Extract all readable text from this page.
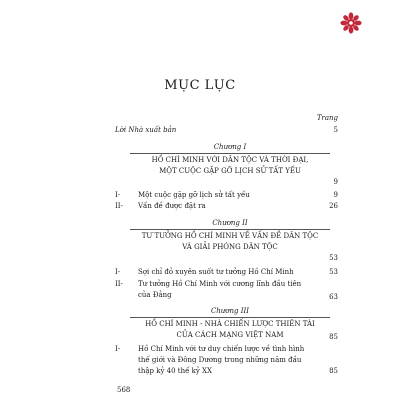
MỤC LỤC
Trang
Lời Nhà xuất bản	5
Chương I
HỒ CHÍ MINH VỚI DÂN TỘC VÀ THỜI ĐẠI,
MỘT CUỘC GẶP GỠ LỊCH SỬ TẤT YẾU
9
I-	Một cuộc gặp gỡ lịch sử tất yếu	9
II- Vấn đề được đặt ra	26
Chương II
TƯ TƯỞNG HỒ CHÍ MINH VỀ VẤN ĐỀ DÂN TỘC
VÀ GIẢI PHÓNG DÂN TỘC
53
I-	Sợi chỉ đỏ xuyên suốt tư tưởng Hồ Chí Minh	53
II- Tư tưởng Hồ Chí Minh với cương lĩnh đầu tiên
của Đảng	63
Chương III
HỒ CHÍ MINH - NHÀ CHIẾN LƯỢC THIÊN TÀI
CỦA CÁCH MẠNG VIỆT NAM	85
I-	Hồ Chí Minh với tư duy chiến lược về tình hình
thế giới và Đông Dương trong những năm đầu
thập kỷ 40 thế kỷ XX	85
568
